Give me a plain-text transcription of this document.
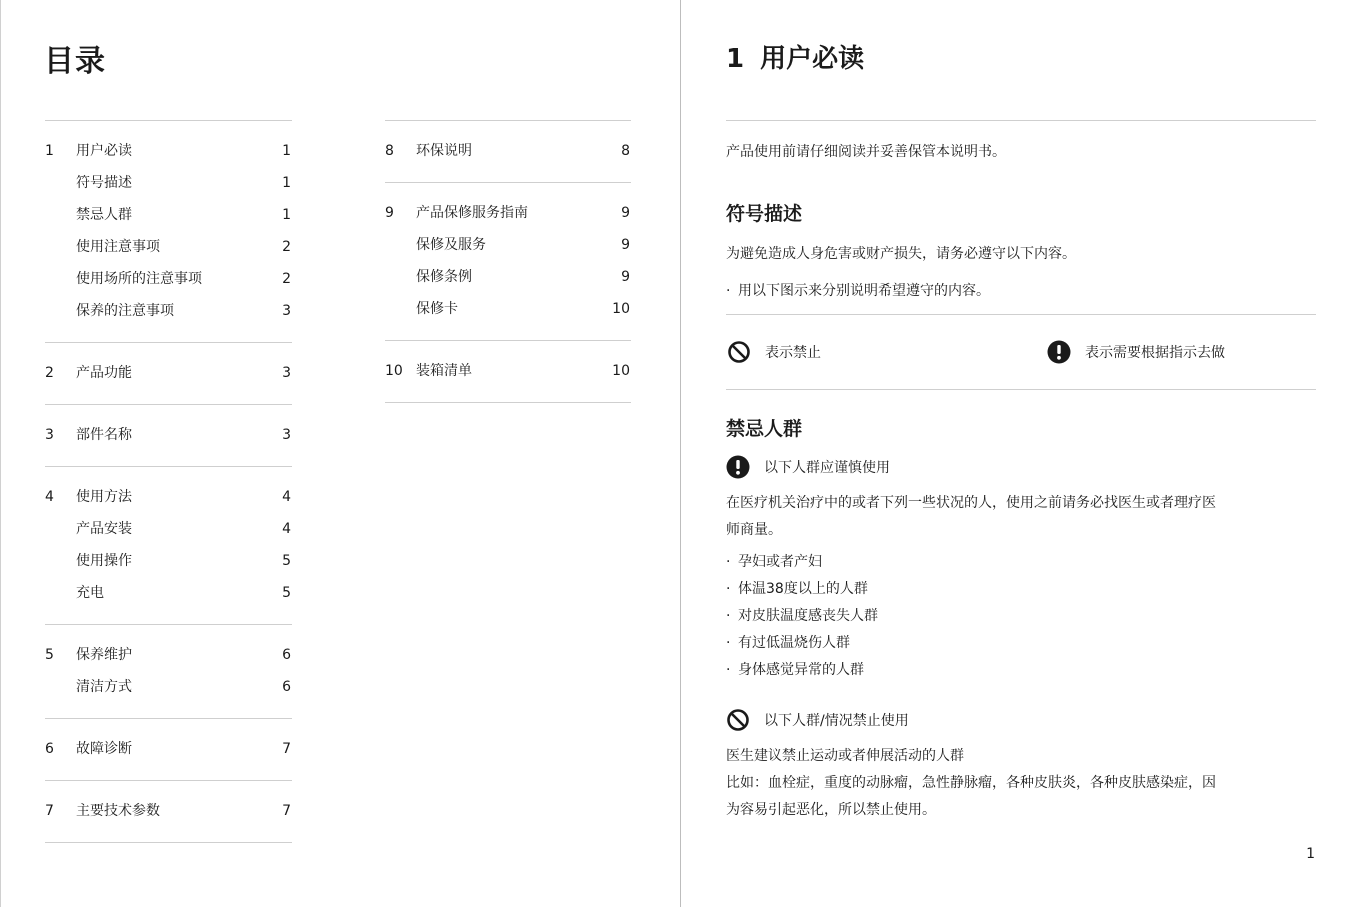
目录
1 用户必读	1
符号描述	1
禁忌人群	1
使用注意事项	2
使用场所的注意事项	2
保养的注意事项	3
2 产品功能	3
3 部件名称	3
4 使用方法	4
产品安装	4
使用操作	5
充电	5
5 保养维护	6
清洁方式	6
6 故障诊断	7
7 主要技术参数	7
8 环保说明	8
9 产品保修服务指南	9
保修及服务	9
保修条例	9
保修卡	10
10 装箱清单	10
1 用户必读
产品使用前请仔细阅读并妥善保管本说明书。
符号描述
为避免造成人身危害或财产损失，请务必遵守以下内容。
· 用以下图示来分别说明希望遵守的内容。
表示禁止	表示需要根据指示去做
禁忌人群
以下人群应谨慎使用
在医疗机关治疗中的或者下列一些状况的人，使用之前请务必找医生或者理疗医
师商量。
· 孕妇或者产妇
· 体温38度以上的人群
· 对皮肤温度感丧失人群
· 有过低温烧伤人群
· 身体感觉异常的人群
以下人群/情况禁止使用
医生建议禁止运动或者伸展活动的人群
比如：血栓症，重度的动脉瘤，急性静脉瘤，各种皮肤炎，各种皮肤感染症，因
为容易引起恶化，所以禁止使用。
1
